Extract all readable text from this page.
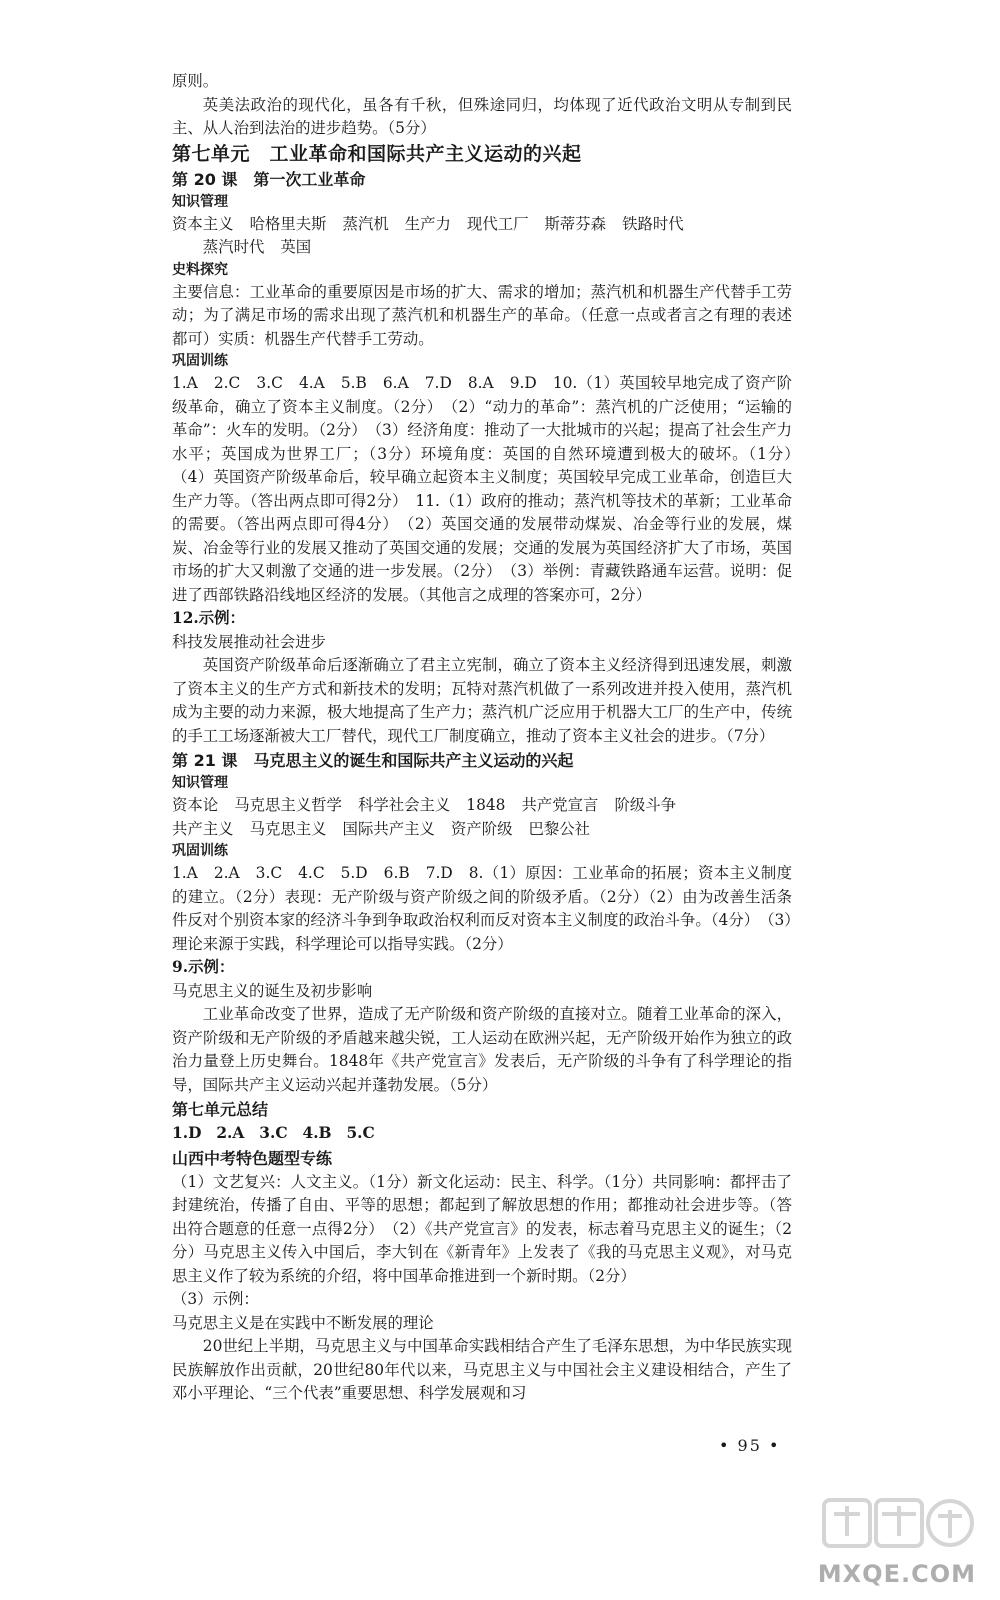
原则。

英美法政治的现代化，虽各有千秋，但殊途同归，均体现了近代政治文明从专制到民主、从人治到法治的进步趋势。（5分）

第七单元　工业革命和国际共产主义运动的兴起

第 20 课　第一次工业革命

知识管理

资本主义 哈格里夫斯 蒸汽机 生产力 现代工厂 斯蒂芬森 铁路时代
蒸汽时代 英国

史料探究

主要信息：工业革命的重要原因是市场的扩大、需求的增加；蒸汽机和机器生产代替手工劳动；为了满足市场的需求出现了蒸汽机和机器生产的革命。（任意一点或者言之有理的表述都可）实质：机器生产代替手工劳动。

巩固训练

1.A　2.C　3.C　4.A　5.B　6.A　7.D　8.A　9.D　10.（1）英国较早地完成了资产阶级革命，确立了资本主义制度。（2分）　（2）“动力的革命”：蒸汽机的广泛使用；“运输的革命”：火车的发明。（2分）　（3）经济角度：推动了一大批城市的兴起；提高了社会生产力水平；英国成为世界工厂；（3分）环境角度：英国的自然环境遭到极大的破坏。（1分）　（4）英国资产阶级革命后，较早确立起资本主义制度；英国较早完成工业革命，创造巨大生产力等。（答出两点即可得2分）　11.（1）政府的推动；蒸汽机等技术的革新；工业革命的需要。（答出两点即可得4分）　（2）英国交通的发展带动煤炭、冶金等行业的发展，煤炭、冶金等行业的发展又推动了英国交通的发展；交通的发展为英国经济扩大了市场，英国市场的扩大又刺激了交通的进一步发展。（2分）　（3）举例：青藏铁路通车运营。说明：促进了西部铁路沿线地区经济的发展。（其他言之成理的答案亦可，2分）

12.示例：

科技发展推动社会进步

英国资产阶级革命后逐渐确立了君主立宪制，确立了资本主义经济得到迅速发展，刺激了资本主义的生产方式和新技术的发明；瓦特对蒸汽机做了一系列改进并投入使用，蒸汽机成为主要的动力来源，极大地提高了生产力；蒸汽机广泛应用于机器大工厂的生产中，传统的手工工场逐渐被大工厂替代，现代工厂制度确立，推动了资本主义社会的进步。（7分）

第 21 课　马克思主义的诞生和国际共产主义运动的兴起

知识管理

资本论 马克思主义哲学 科学社会主义 1848 共产党宣言 阶级斗争
共产主义 马克思主义 国际共产主义 资产阶级 巴黎公社

巩固训练

1.A　2.A　3.C　4.C　5.D　6.B　7.D　8.（1）原因：工业革命的拓展；资本主义制度的建立。（2分）表现：无产阶级与资产阶级之间的阶级矛盾。（2分）（2）由为改善生活条件反对个别资本家的经济斗争到争取政治权利而反对资本主义制度的政治斗争。（4分）　（3）理论来源于实践，科学理论可以指导实践。（2分）

9.示例：

马克思主义的诞生及初步影响

工业革命改变了世界，造成了无产阶级和资产阶级的直接对立。随着工业革命的深入，资产阶级和无产阶级的矛盾越来越尖锐，工人运动在欧洲兴起，无产阶级开始作为独立的政治力量登上历史舞台。1848年《共产党宣言》发表后，无产阶级的斗争有了科学理论的指导，国际共产主义运动兴起并蓬勃发展。（5分）

第七单元总结

1.D 2.A 3.C 4.B 5.C

山西中考特色题型专练

（1）文艺复兴：人文主义。（1分）新文化运动：民主、科学。（1分）共同影响：都抨击了封建统治，传播了自由、平等的思想；都起到了解放思想的作用；都推动社会进步等。（答出符合题意的任意一点得2分）　（2）《共产党宣言》的发表，标志着马克思主义的诞生；（2分）马克思主义传入中国后，李大钊在《新青年》上发表了《我的马克思主义观》，对马克思主义作了较为系统的介绍，将中国革命推进到一个新时期。（2分）

（3）示例：

马克思主义是在实践中不断发展的理论

20世纪上半期，马克思主义与中国革命实践相结合产生了毛泽东思想，为中华民族实现民族解放作出贡献，20世纪80年代以来，马克思主义与中国社会主义建设相结合，产生了邓小平理论、“三个代表”重要思想、科学发展观和习

• 95 •
MXQE.COM
